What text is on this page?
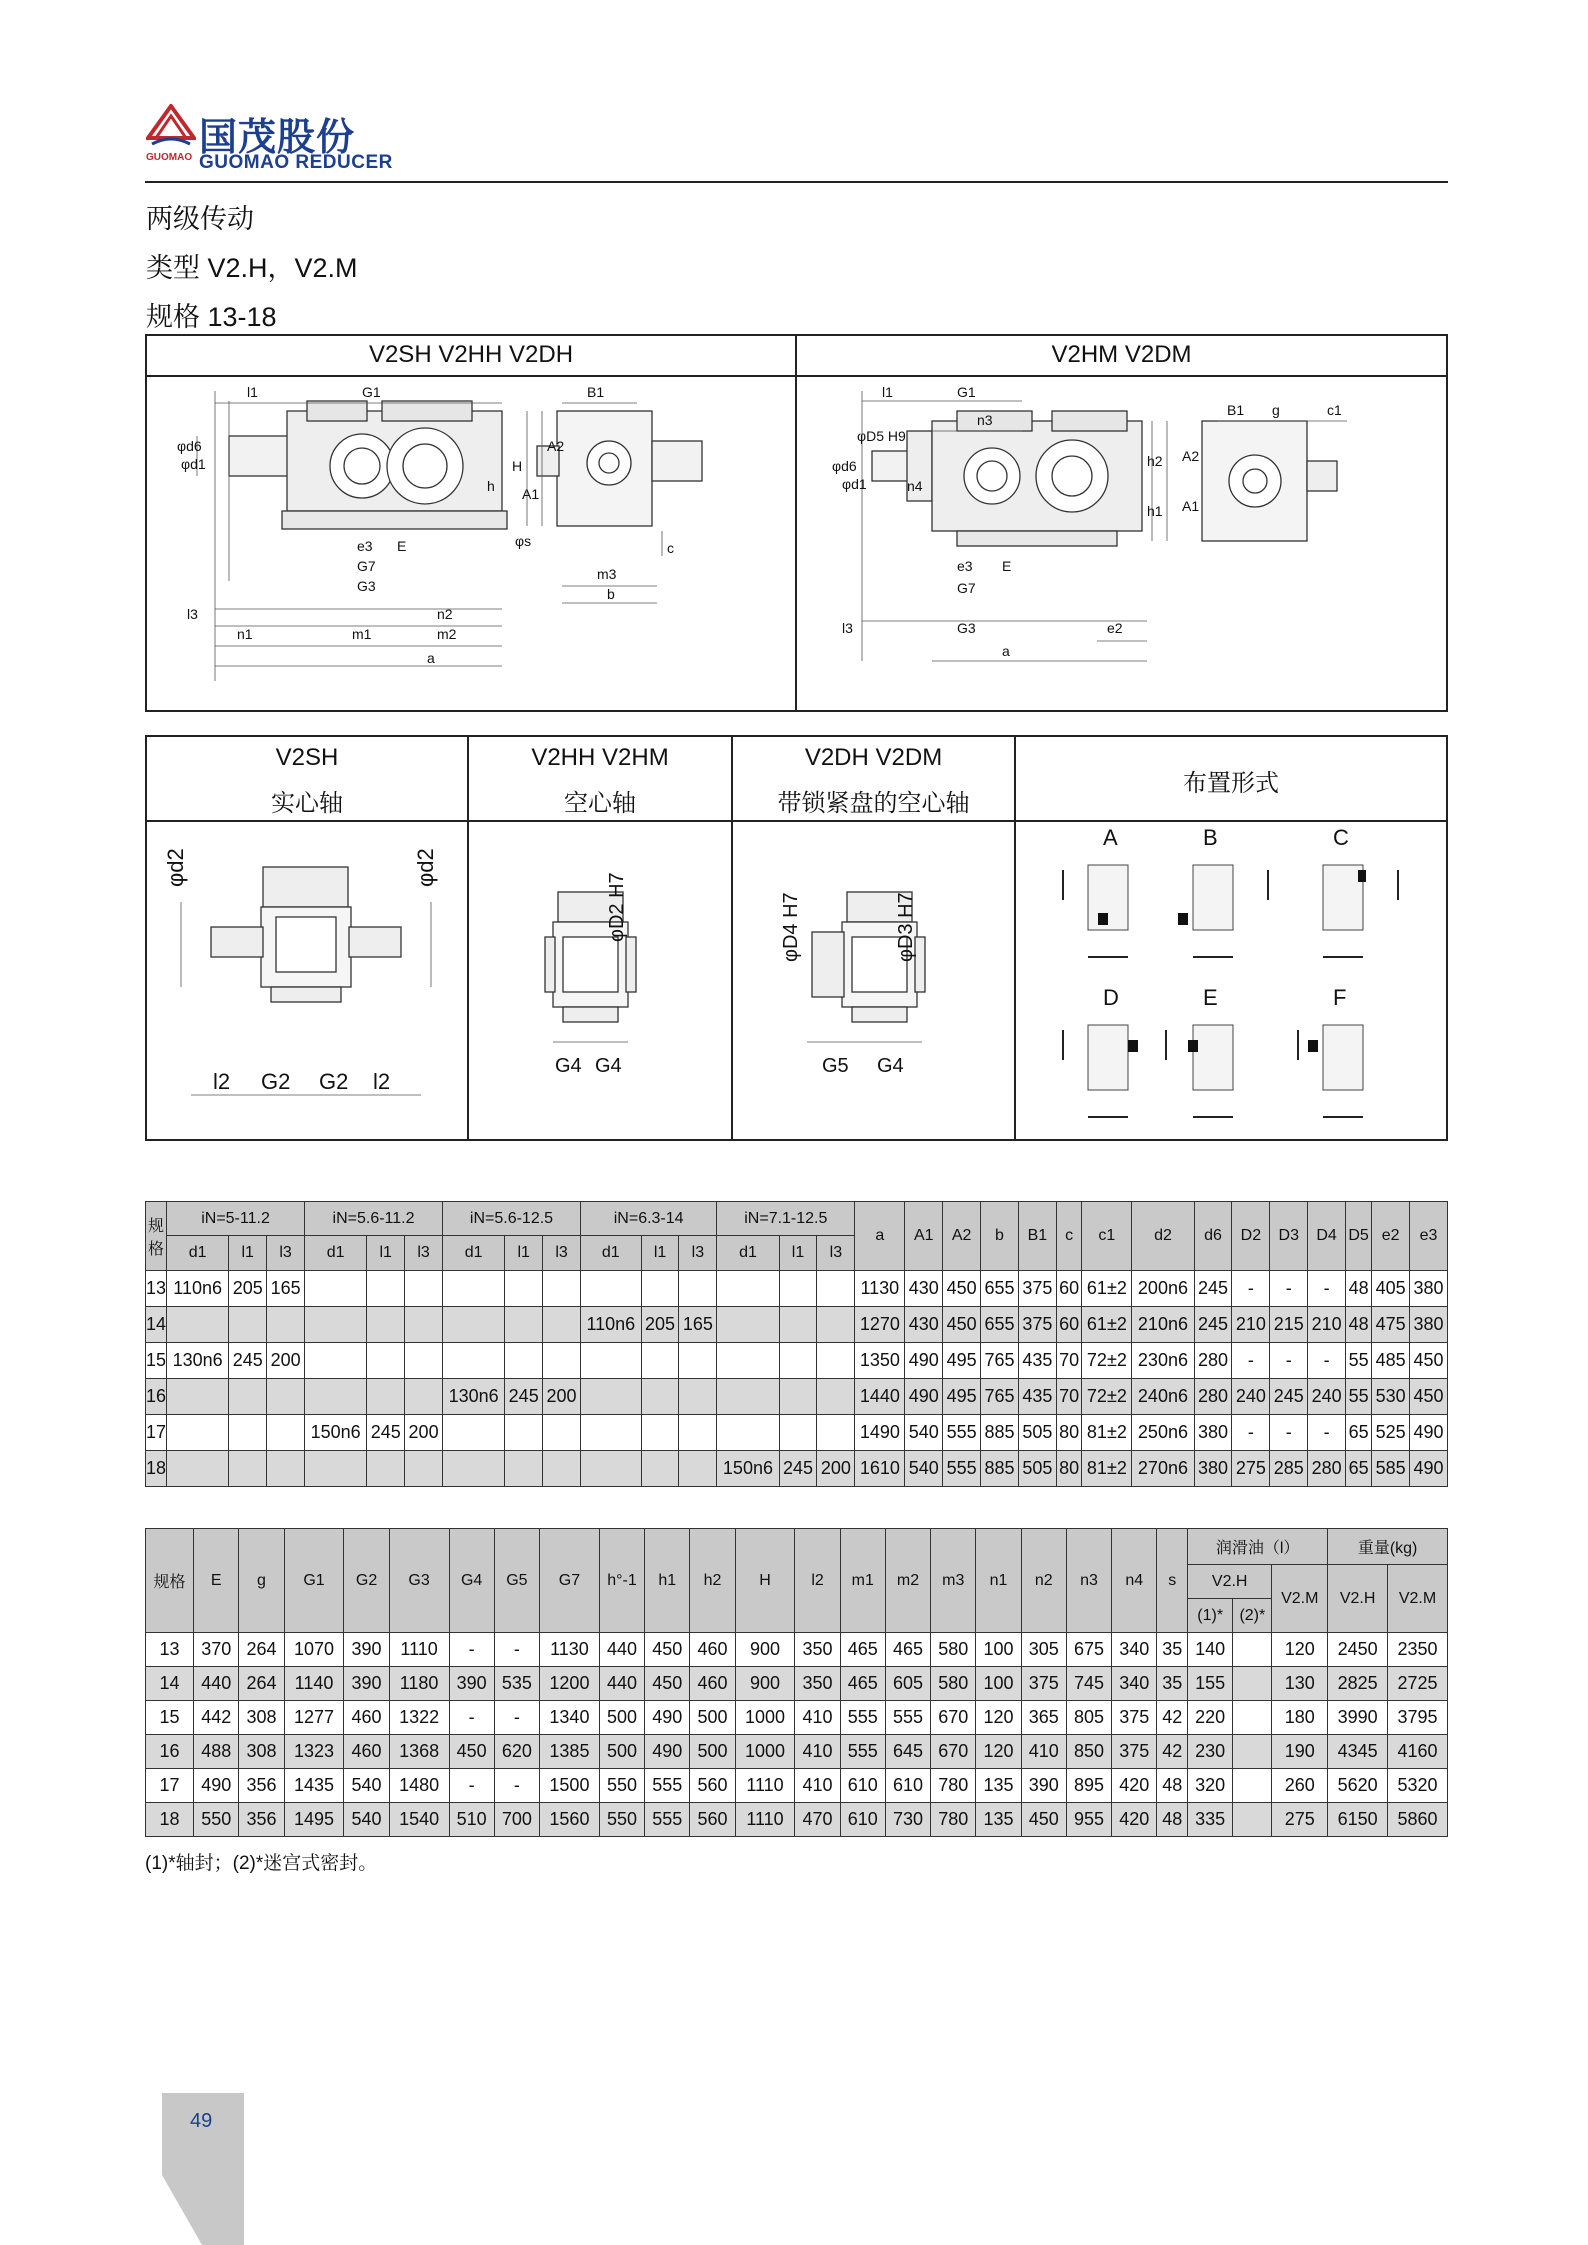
国茂股份
GUOMAO REDUCER
GUOMAO
两级传动
类型 V2.H，V2.M
规格 13-18
V2SH V2HH V2DH	V2HM V2DM
l1	G1	B1
φd6
φd1
A2
A1
H
h
c
φs
e3 E
G7	m3
G3	b
l3	n2
n1	m1	m2
a
l1	G1
n3
φD5 H9
B1 g	c1
φd6
φd1	n4
h2 A2
h1 A1
e3 E
G7
l3	G3	e2
a
V2SH
实心轴
V2HH V2HM
空心轴
V2DH V2DM
带锁紧盘的空心轴
布置形式
φd2	φd2
l2 G2 G2 l2
φD2 H7
G4 G4
φD4 H7	φD3 H7
G5 G4
A	B	C
D	E	F
规
格	iN=5-11.2			iN=5.6-11.2			iN=5.6-12.5			iN=6.3-14			iN=7.1-12.5			a	A1	A2	b	B1	c	c1	d2	d6	D2	D3	D4	D5	e2	e3
	d1	l1	l3	d1	l1	l3	d1	l1	l3	d1	l1	l3	d1	l1	l3															
13	110n6	205	165													1130	430	450	655	375	60	61±2	200n6	245	-	-	-	48	405	380
14										110n6	205	165				1270	430	450	655	375	60	61±2	210n6	245	210	215	210	48	475	380
15	130n6	245	200													1350	490	495	765	435	70	72±2	230n6	280	-	-	-	55	485	450
16							130n6	245	200							1440	490	495	765	435	70	72±2	240n6	280	240	245	240	55	530	450
17				150n6	245	200										1490	540	555	885	505	80	81±2	250n6	380	-	-	-	65	525	490
18													150n6	245	200	1610	540	555	885	505	80	81±2	270n6	380	275	285	280	65	585	490
规格	E	g	G1	G2	G3	G4	G5	G7	h°-1	h1	h2	H	l2	m1	m2	m3	n1	n2	n3	n4	s	润滑油（l）			重量(kg)	
																						V2.H		V2.M	V2.H	V2.M
																						(1)*	(2)*			
13	370	264	1070	390	1110	-	-	1130	440	450	460	900	350	465	465	580	100	305	675	340	35	140		120	2450	2350
14	440	264	1140	390	1180	390	535	1200	440	450	460	900	350	465	605	580	100	375	745	340	35	155		130	2825	2725
15	442	308	1277	460	1322	-	-	1340	500	490	500	1000	410	555	555	670	120	365	805	375	42	220		180	3990	3795
16	488	308	1323	460	1368	450	620	1385	500	490	500	1000	410	555	645	670	120	410	850	375	42	230		190	4345	4160
17	490	356	1435	540	1480	-	-	1500	550	555	560	1110	410	610	610	780	135	390	895	420	48	320		260	5620	5320
18	550	356	1495	540	1540	510	700	1560	550	555	560	1110	470	610	730	780	135	450	955	420	48	335		275	6150	5860
(1)*轴封；(2)*迷宫式密封。
49
